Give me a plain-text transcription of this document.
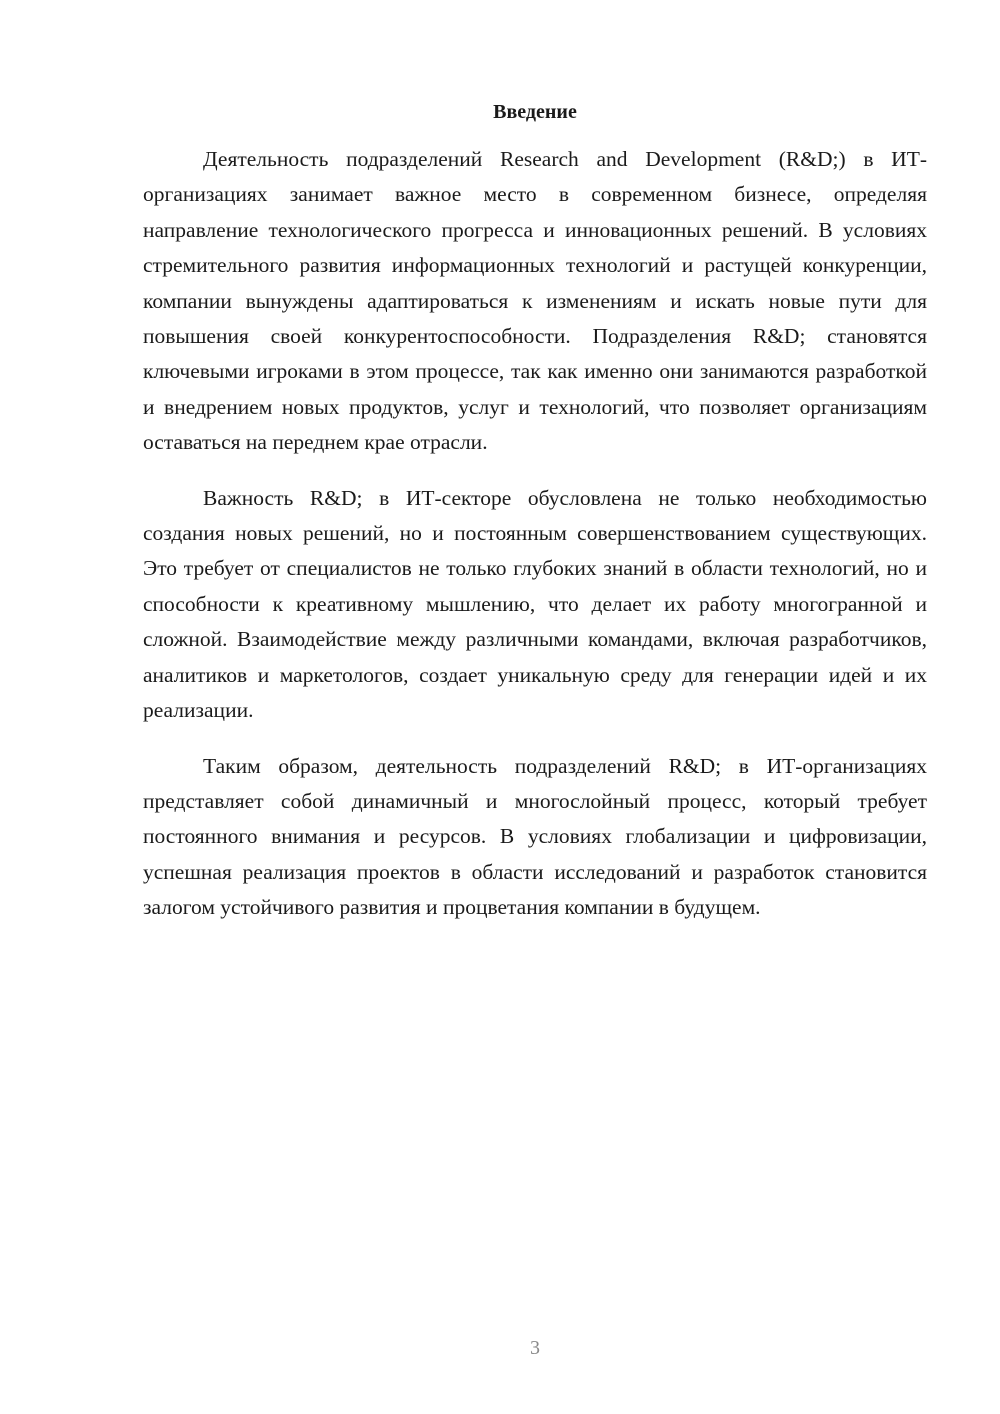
Введение

Деятельность подразделений Research and Development (R&D;) в ИТ-организациях занимает важное место в современном бизнесе, определяя направление технологического прогресса и инновационных решений. В условиях стремительного развития информационных технологий и растущей конкуренции, компании вынуждены адаптироваться к изменениям и искать новые пути для повышения своей конкурентоспособности. Подразделения R&D; становятся ключевыми игроками в этом процессе, так как именно они занимаются разработкой и внедрением новых продуктов, услуг и технологий, что позволяет организациям оставаться на переднем крае отрасли.

Важность R&D; в ИТ-секторе обусловлена не только необходимостью создания новых решений, но и постоянным совершенствованием существующих. Это требует от специалистов не только глубоких знаний в области технологий, но и способности к креативному мышлению, что делает их работу многогранной и сложной. Взаимодействие между различными командами, включая разработчиков, аналитиков и маркетологов, создает уникальную среду для генерации идей и их реализации.

Таким образом, деятельность подразделений R&D; в ИТ-организациях представляет собой динамичный и многослойный процесс, который требует постоянного внимания и ресурсов. В условиях глобализации и цифровизации, успешная реализация проектов в области исследований и разработок становится залогом устойчивого развития и процветания компании в будущем.

3
